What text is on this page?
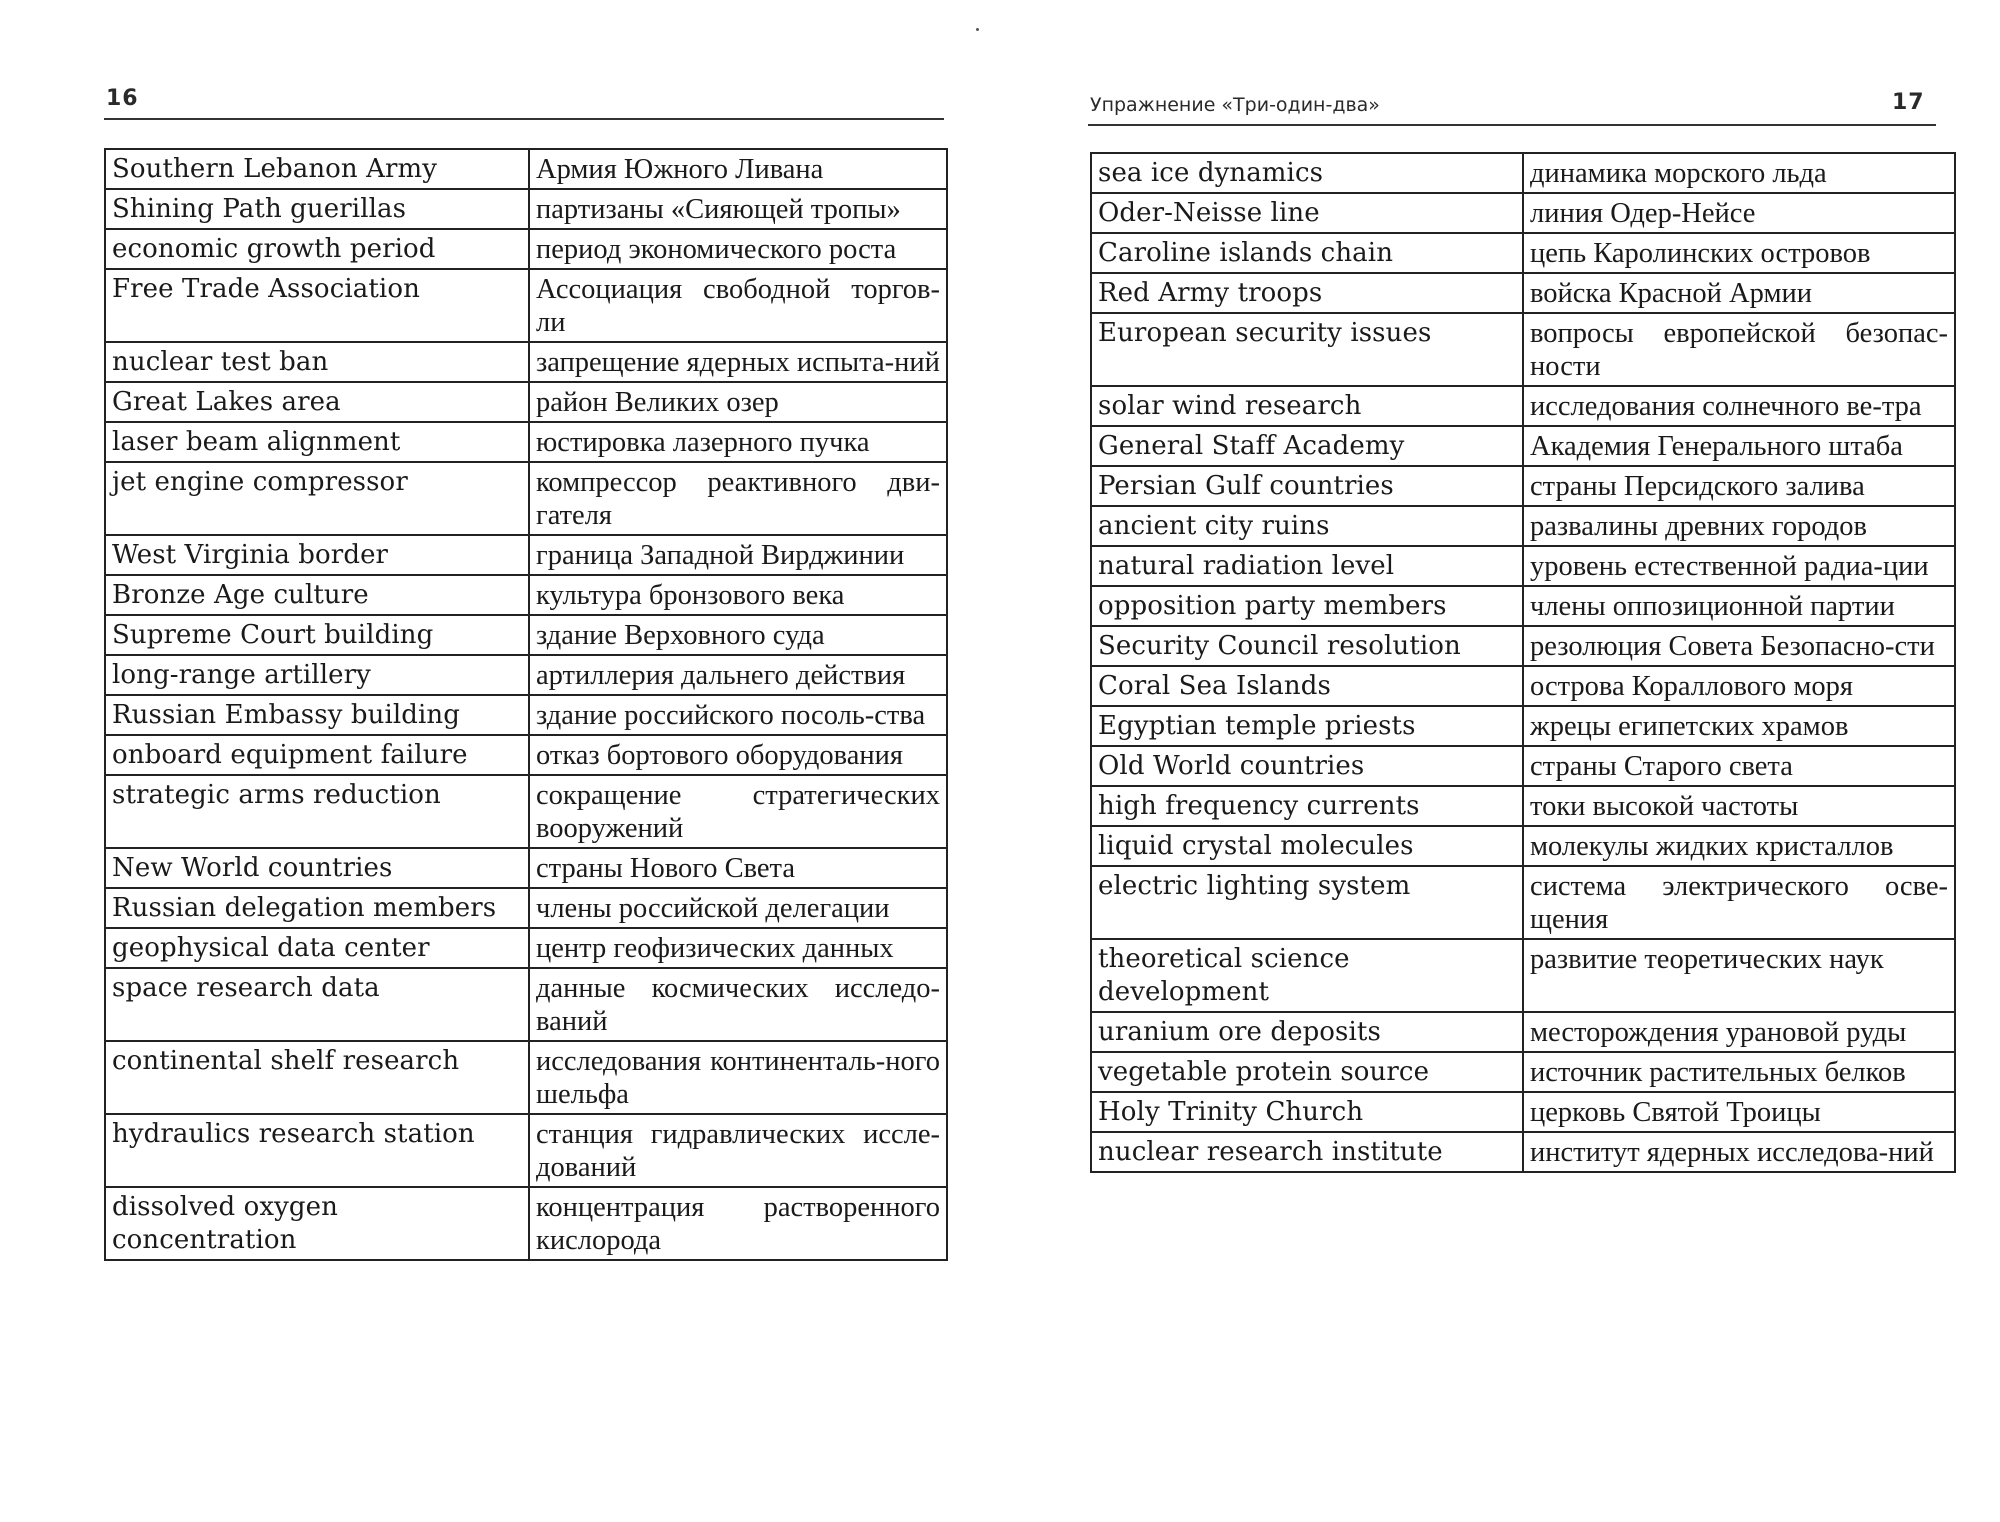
16
Southern Lebanon Army	Армия Южного Ливана
Shining Path guerillas	партизаны «Сияющей тропы»
economic growth period	период экономического роста
Free Trade Association	Ассоциация свободной торгов-ли
nuclear test ban	запрещение ядерных испыта-ний
Great Lakes area	район Великих озер
laser beam alignment	юстировка лазерного пучка
jet engine compressor	компрессор реактивного дви-гателя
West Virginia border	граница Западной Вирджинии
Bronze Age culture	культура бронзового века
Supreme Court building	здание Верховного суда
long-range artillery	артиллерия дальнего действия
Russian Embassy building	здание российского посоль-ства
onboard equipment failure	отказ бортового оборудования
strategic arms reduction	сокращение стратегических вооружений
New World countries	страны Нового Света
Russian delegation members	члены российской делегации
geophysical data center	центр геофизических данных
space research data	данные космических исследо-ваний
continental shelf research	исследования континенталь-ного шельфа
hydraulics research station	станция гидравлических иссле-дований
dissolved oxygen concentration	концентрация растворенного кислорода
Упражнение «Три-один-два»	17
sea ice dynamics	динамика морского льда
Oder-Neisse line	линия Одер-Нейсе
Caroline islands chain	цепь Каролинских островов
Red Army troops	войска Красной Армии
European security issues	вопросы европейской безопас-ности
solar wind research	исследования солнечного ве-тра
General Staff Academy	Академия Генерального штаба
Persian Gulf countries	страны Персидского залива
ancient city ruins	развалины древних городов
natural radiation level	уровень естественной радиа-ции
opposition party members	члены оппозиционной партии
Security Council resolution	резолюция Совета Безопасно-сти
Coral Sea Islands	острова Кораллового моря
Egyptian temple priests	жрецы египетских храмов
Old World countries	страны Старого света
high frequency currents	токи высокой частоты
liquid crystal molecules	молекулы жидких кристаллов
electric lighting system	система электрического осве-щения
theoretical science development	развитие теоретических наук
uranium ore deposits	месторождения урановой руды
vegetable protein source	источник растительных белков
Holy Trinity Church	церковь Святой Троицы
nuclear research institute	институт ядерных исследова-ний
